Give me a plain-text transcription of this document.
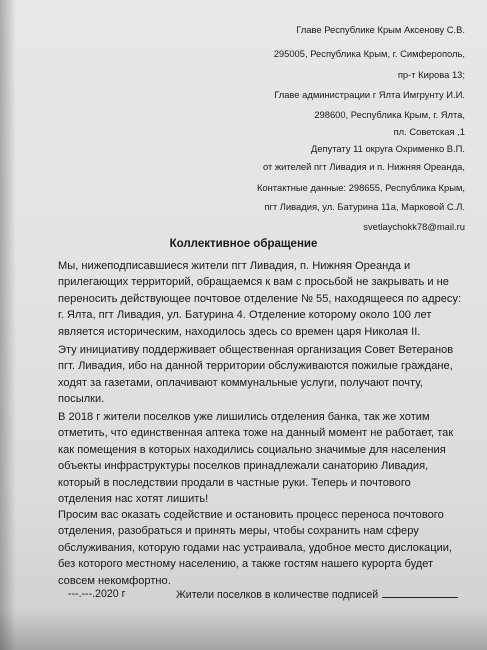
Главе Республике Крым Аксенову С.В.
295005, Республика Крым, г. Симферополь,
пр-т Кирова 13;
Главе администрации г Ялта Имгрунту И.И.
298600, Республика Крым, г. Ялта,
пл. Советская ,1
Депутату 11 округа Охрименко В.П.
от жителей пгт Ливадия и п. Нижняя Ореанда,
Контактные данные: 298655, Республика Крым,
пгт Ливадия, ул. Батурина 11а, Марковой С.Л.
svetlaychokk78@mail.ru
Коллективное обращение
Мы, нижеподписавшиеся жители пгт Ливадия, п. Нижняя Ореанда и
прилегающих территорий, обращаемся к вам с просьбой не закрывать и не
переносить действующее почтовое отделение № 55, находящееся по адресу:
г. Ялта, пгт Ливадия, ул. Батурина 4. Отделение которому около 100 лет
является историческим, находилось здесь со времен царя Николая II.
Эту инициативу поддерживает общественная организация Совет Ветеранов
пгт. Ливадия, ибо на данной территории обслуживаются пожилые граждане,
ходят за газетами, оплачивают коммунальные услуги, получают почту,
посылки.
В 2018 г жители поселков уже лишились отделения банка, так же хотим
отметить, что единственная аптека тоже на данный момент не работает, так
как помещения в которых находились социально значимые для населения
объекты инфраструктуры поселков принадлежали санаторию Ливадия,
который в последствии продали в частные руки. Теперь и почтового
отделения нас хотят лишить!
Просим вас оказать содействие и остановить процесс переноса почтового
отделения, разобраться и принять меры, чтобы сохранить нам сферу
обслуживания, которую годами нас устраивала, удобное место дислокации,
без которого местному населению, а также гостям нашего курорта будет
совсем некомфортно.
---.---.2020 г	Жители поселков в количестве подписей
